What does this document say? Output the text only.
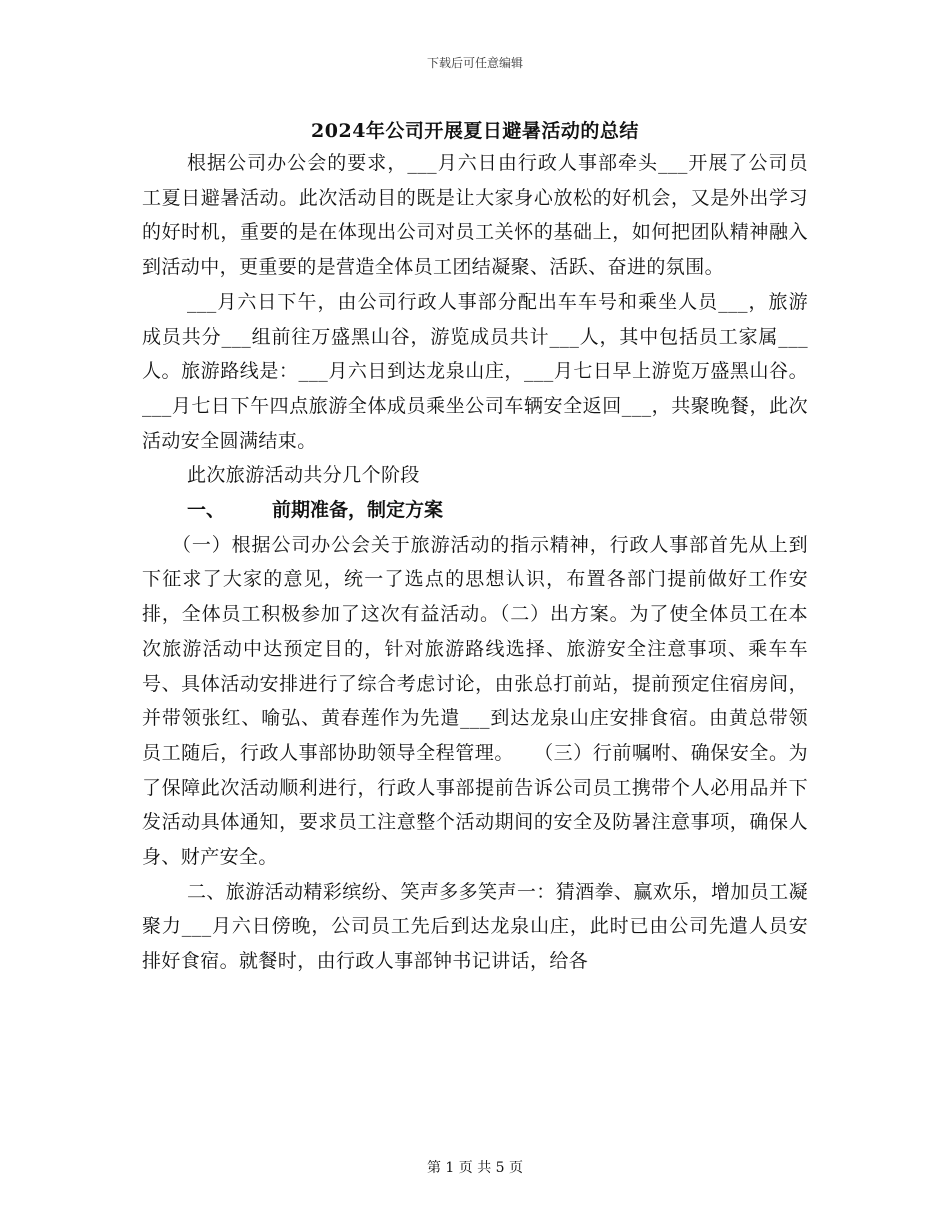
下载后可任意编辑
2024年公司开展夏日避暑活动的总结

根据公司办公会的要求，___月六日由行政人事部牵头___开展了公司员工夏日避暑活动。此次活动目的既是让大家身心放松的好机会，又是外出学习的好时机，重要的是在体现出公司对员工关怀的基础上，如何把团队精神融入到活动中，更重要的是营造全体员工团结凝聚、活跃、奋进的氛围。

___月六日下午，由公司行政人事部分配出车车号和乘坐人员___，旅游成员共分___组前往万盛黑山谷，游览成员共计___人，其中包括员工家属___人。旅游路线是：___月六日到达龙泉山庄，___月七日早上游览万盛黑山谷。___月七日下午四点旅游全体成员乘坐公司车辆安全返回___，共聚晚餐，此次活动安全圆满结束。

此次旅游活动共分几个阶段

一、	前期准备，制定方案

（一）根据公司办公会关于旅游活动的指示精神，行政人事部首先从上到下征求了大家的意见，统一了选点的思想认识，布置各部门提前做好工作安排，全体员工积极参加了这次有益活动。（二）出方案。为了使全体员工在本次旅游活动中达预定目的，针对旅游路线选择、旅游安全注意事项、乘车车号、具体活动安排进行了综合考虑讨论，由张总打前站，提前预定住宿房间，并带领张红、喻弘、黄春莲作为先遣___到达龙泉山庄安排食宿。由黄总带领员工随后，行政人事部协助领导全程管理。　　（三）行前嘱咐、确保安全。为了保障此次活动顺利进行，行政人事部提前告诉公司员工携带个人必用品并下发活动具体通知，要求员工注意整个活动期间的安全及防暑注意事项，确保人身、财产安全。

二、旅游活动精彩缤纷、笑声多多笑声一：猜酒拳、赢欢乐，增加员工凝聚力___月六日傍晚，公司员工先后到达龙泉山庄，此时已由公司先遣人员安排好食宿。就餐时，由行政人事部钟书记讲话，给各

第 1 页 共 5 页
